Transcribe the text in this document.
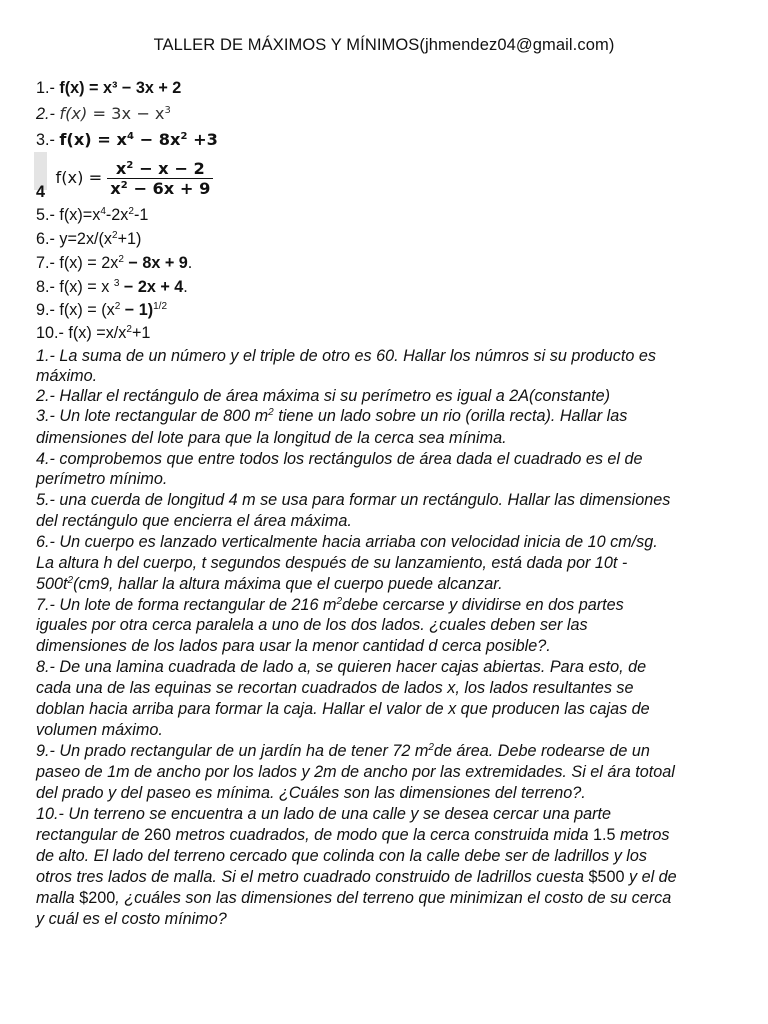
TALLER DE MÁXIMOS Y MÍNIMOS(jhmendez04@gmail.com)
1.- f(x) = x³ − 3x + 2
2.- $f(x) = 3x - x^3$
3.- $f(x) = x^4 - 8x^2 +3$
4 $f(x) = \frac{x^2 - x - 2}{x^2 - 6x + 9}$
5.- $f(x)=x^4-2x^2-1$
6.- $y=2x/(x^2+1)$
7.- $f(x) = 2x^2 - 8x + 9$.
8.- f(x) = x $^3$ − 2x + 4.
9.- $f(x) = (x^2 - 1)^{1/2}$
10.- $f(x) =x/x^2+1$
1.- La suma de un número y el triple de otro es 60. Hallar los númros si su producto es
máximo.
2.- Hallar el rectángulo de área máxima si su perímetro es igual a 2A(constante)
3.- Un lote rectangular de 800 $m^2$ tiene un lado sobre un rio (orilla recta). Hallar las
dimensiones del lote para que la longitud de la cerca sea mínima.
4.- comprobemos que entre todos los rectángulos de área dada el cuadrado es el de
perímetro mínimo.
5.- una cuerda de longitud 4 m se usa para formar un rectángulo. Hallar las dimensiones
del rectángulo que encierra el área máxima.
6.- Un cuerpo es lanzado verticalmente hacia arriaba con velocidad inicia de 10 cm/sg.
La altura h del cuerpo, t segundos después de su lanzamiento, está dada por 10t -
$500t^2(cm9$, hallar la altura máxima que el cuerpo puede alcanzar.
7.- Un lote de forma rectangular de 216 $m^2debe$ cercarse y dividirse en dos partes
iguales por otra cerca paralela a uno de los dos lados. ¿cuales deben ser las
dimensiones de los lados para usar la menor cantidad d cerca posible?.
8.- De una lamina cuadrada de lado a, se quieren hacer cajas abiertas. Para esto, de
cada una de las equinas se recortan cuadrados de lados x, los lados resultantes se
doblan hacia arriba para formar la caja. Hallar el valor de x que producen las cajas de
volumen máximo.
9.- Un prado rectangular de un jardín ha de tener 72 $m^2de$ área. Debe rodearse de un
paseo de 1m de ancho por los lados y 2m de ancho por las extremidades. Si el ára totoal
del prado y del paseo es mínima. ¿Cuáles son las dimensiones del terreno?.
10.- Un terreno se encuentra a un lado de una calle y se desea cercar una parte
rectangular de 260 metros cuadrados, de modo que la cerca construida mida 1.5 metros
de alto. El lado del terreno cercado que colinda con la calle debe ser de ladrillos y los
otros tres lados de malla. Si el metro cuadrado construido de ladrillos cuesta $500 y el de
malla $200, ¿cuáles son las dimensiones del terreno que minimizan el costo de su cerca
y cuál es el costo mínimo?
